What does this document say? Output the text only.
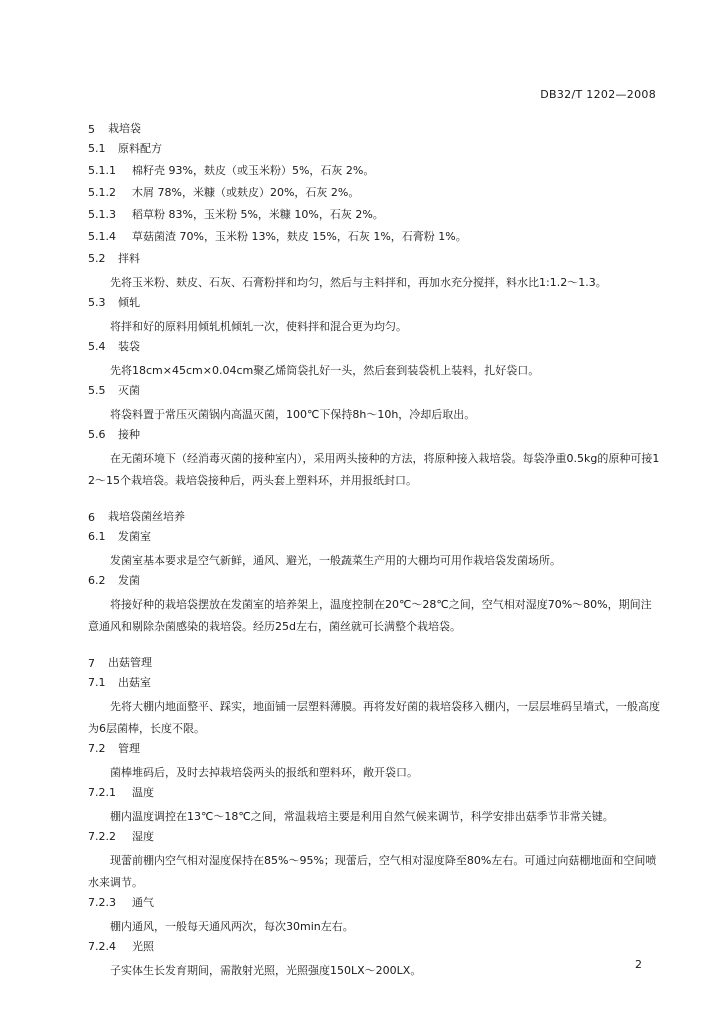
DB32/T 1202—2008
5	栽培袋
5.1	原料配方
5.1.1	棉籽壳 93%，麸皮（或玉米粉）5%，石灰 2%。
5.1.2	木屑 78%，米糠（或麸皮）20%，石灰 2%。
5.1.3	稻草粉 83%，玉米粉 5%，米糠 10%，石灰 2%。
5.1.4	草菇菌渣 70%，玉米粉 13%，麸皮 15%，石灰 1%，石膏粉 1%。
5.2	拌料
先将玉米粉、麸皮、石灰、石膏粉拌和均匀，然后与主料拌和，再加水充分搅拌，料水比1:1.2～1.3。
5.3	倾轧
将拌和好的原料用倾轧机倾轧一次，使料拌和混合更为均匀。
5.4	装袋
先将18cm×45cm×0.04cm聚乙烯筒袋扎好一头，然后套到装袋机上装料，扎好袋口。
5.5	灭菌
将袋料置于常压灭菌锅内高温灭菌，100℃下保持8h～10h，冷却后取出。
5.6	接种
在无菌环境下（经消毒灭菌的接种室内），采用两头接种的方法，将原种接入栽培袋。每袋净重0.5kg的原种可接12～15个栽培袋。栽培袋接种后，两头套上塑料环，并用报纸封口。
6	栽培袋菌丝培养
6.1	发菌室
发菌室基本要求是空气新鲜，通风、避光，一般蔬菜生产用的大棚均可用作栽培袋发菌场所。
6.2	发菌
将接好种的栽培袋摆放在发菌室的培养架上，温度控制在20℃～28℃之间，空气相对湿度70%～80%，期间注意通风和剔除杂菌感染的栽培袋。经历25d左右，菌丝就可长满整个栽培袋。
7	出菇管理
7.1	出菇室
先将大棚内地面整平、踩实，地面铺一层塑料薄膜。再将发好菌的栽培袋移入棚内，一层层堆码呈墙式，一般高度为6层菌棒，长度不限。
7.2	管理
菌棒堆码后，及时去掉栽培袋两头的报纸和塑料环，敞开袋口。
7.2.1	温度
棚内温度调控在13℃～18℃之间，常温栽培主要是利用自然气候来调节，科学安排出菇季节非常关键。
7.2.2	湿度
现蕾前棚内空气相对湿度保持在85%～95%；现蕾后，空气相对湿度降至80%左右。可通过向菇棚地面和空间喷水来调节。
7.2.3	通气
棚内通风，一般每天通风两次，每次30min左右。
7.2.4	光照
子实体生长发育期间，需散射光照，光照强度150LX～200LX。	2
